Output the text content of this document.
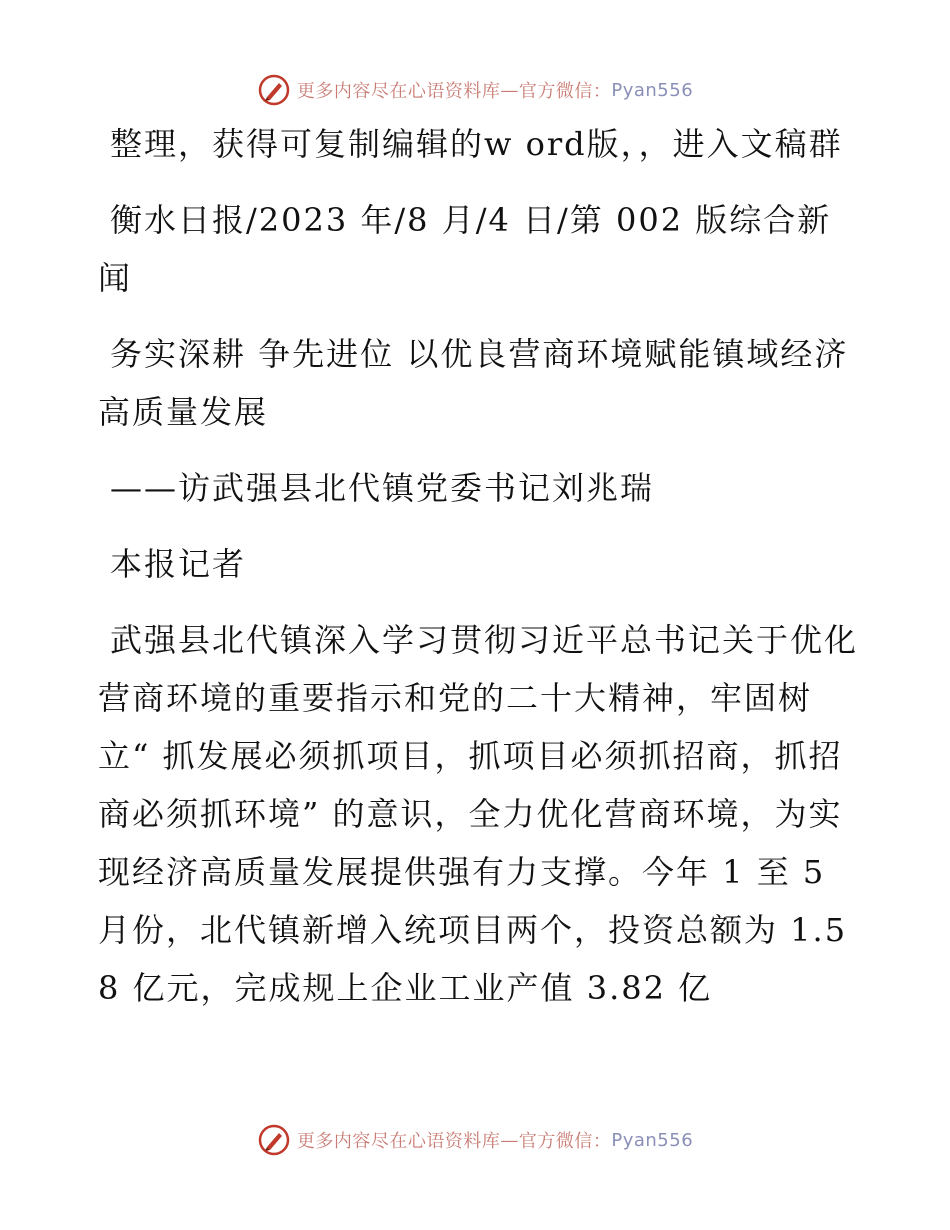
更多内容尽在心语资料库 — 官方微信： Pyan556

整理，获得可复制编辑的w ord版，，进入文稿群

衡水日报/2023 年/8 月/4 日/第 002 版综合新闻

务实深耕 争先进位 以优良营商环境赋能镇域经济高质量发展

——访武强县北代镇党委书记刘兆瑞

本报记者

武强县北代镇深入学习贯彻习近平总书记关于优化营商环境的重要指示和党的二十大精神，牢固树立“ 抓发展必须抓项目，抓项目必须抓招商，抓招商必须抓环境” 的意识，全力优化营商环境，为实现经济高质量发展提供强有力支撑。今年 1 至 5 月份，北代镇新增入统项目两个，投资总额为 1.58 亿元，完成规上企业工业产值 3.82 亿

更多内容尽在心语资料库 — 官方微信： Pyan556
